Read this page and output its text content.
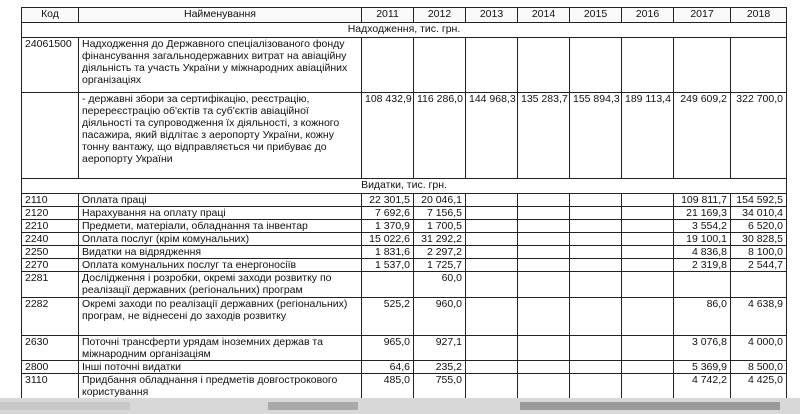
Код	Найменування	2011	2012	2013	2014	2015	2016	2017	2018
Надходження, тис. грн.									
24061500	Надходження до Державного спеціалізованого фонду фінансування загальнодержавних витрат на авіаційну діяльність та участь України у міжнародних авіаційних організаціях								
	- державні збори за сертифікацію, реєстрацію, перереєстрацію об'єктів та суб'єктів авіаційної діяльності та супроводження їх діяльності, з кожного пасажира, який відлітає з аеропорту України, кожну тонну вантажу, що відправляється чи прибуває до аеропорту України	108 432,9	116 286,0	144 968,3	135 283,7	155 894,3	189 113,4	249 609,2	322 700,0
Видатки, тис. грн.									
2110	Оплата праці	22 301,5	20 046,1					109 811,7	154 592,5
2120	Нарахування на оплату праці	7 692,6	7 156,5					21 169,3	34 010,4
2210	Предмети, матеріали, обладнання та інвентар	1 370,9	1 700,5					3 554,2	6 520,0
2240	Оплата послуг (крім комунальних)	15 022,6	31 292,2					19 100,1	30 828,5
2250	Видатки на відрядження	1 831,6	2 297,2					4 836,8	8 100,0
2270	Оплата комунальних послуг та енергоносіїв	1 537,0	1 725,7					2 319,8	2 544,7
2281	Дослідження і розробки, окремі заходи розвитку по реалізації державних (регіональних) програм		60,0						
2282	Окремі заходи по реалізації державних (регіональних) програм, не віднесені до заходів розвитку	525,2	960,0					86,0	4 638,9
2630	Поточні трансферти урядам іноземних держав та міжнародним організаціям	965,0	927,1					3 076,8	4 000,0
2800	Інші поточні видатки	64,6	235,2					5 369,9	8 500,0
3110	Придбання обладнання і предметів довгострокового користування	485,0	755,0					4 742,2	4 425,0
